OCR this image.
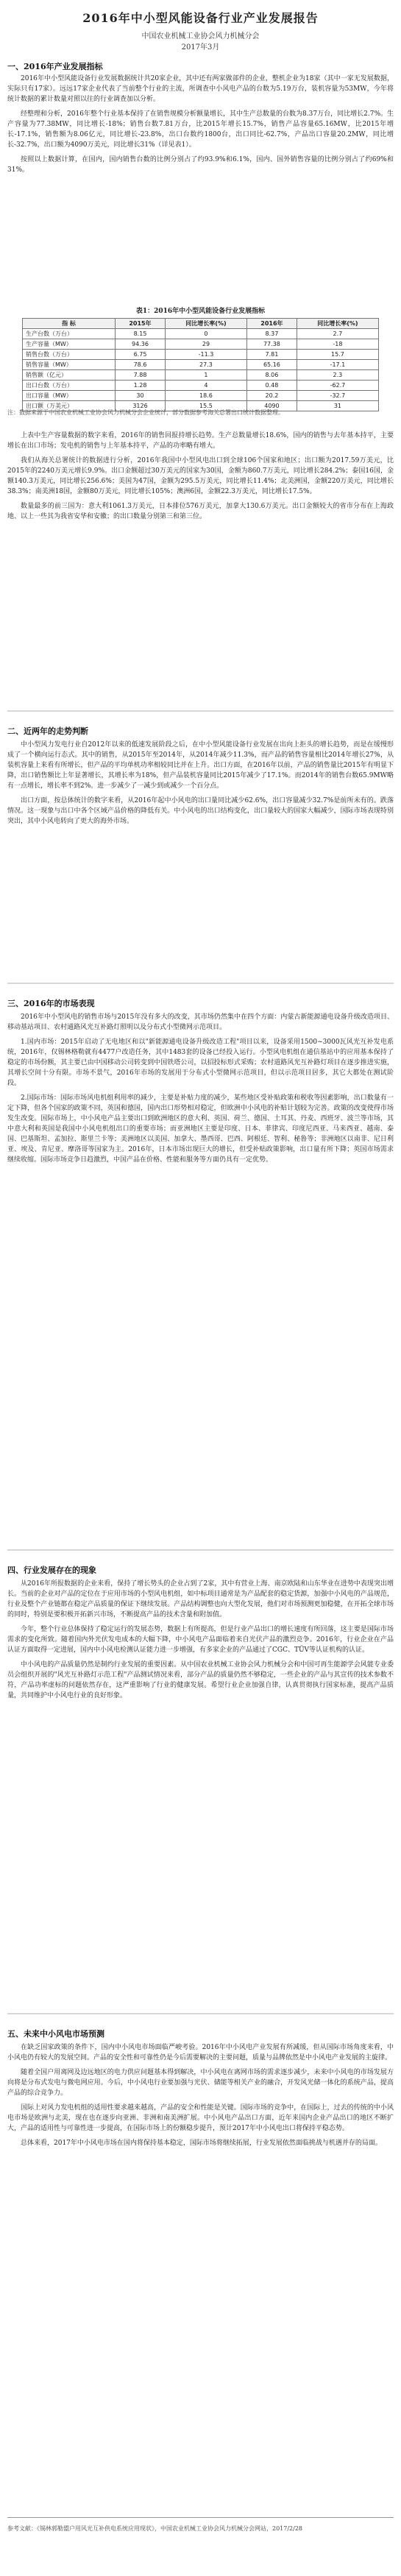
2016年中小型风能设备行业产业发展报告
中国农业机械工业协会风力机械分会
2017年3月
一、2016年产业发展指标

2016年中小型风能设备行业发展数据统计共20家企业，其中还有两家做部件的企业，整机企业为18家（其中一家无发展数据，实际只有17家）。远远17家企业代表了当前整个行业的主流，所调查中小风电产品的台数为5.19万台，装机容量为53MW，今年将统计数据的累计数量对照以往的行业调查加以分析。

经整理和分析，2016年整个行业基本保持了在销售规模分析额量增长，其中生产总数量的台数为8.37万台，同比增长2.7%。生产容量为77.38MW，同比增长-18%；销售台数7.81万台，比2015年增长15.7%，销售产品容量65.16MW，比2015年增长-17.1%，销售额为8.06亿元，同比增长-23.8%，出口台数约1800台，出口同比-62.7%，产品出口容量20.2MW，同比增长-32.7%，出口额为4090万美元，同比增长31%（详见表1）。

按照以上数据计算，在国内，国内销售台数的比例分别占了约93.9%和6.1%，国内、国外销售容量的比例分别占了约69%和31%。

表1：2016年中小型风能设备行业发展指标
指 标	2015年	同比增长率(%)	2016年	同比增长率(%)
生产台数（万台）	8.15	0	8.37	2.7
生产容量（MW）	94.36	29	77.38	-18
销售台数（万台）	6.75	-11.3	7.81	15.7
销售容量（MW）	78.6	27.3	65.16	-17.1
销售额（亿元）	7.88	1	8.06	2.3
出口台数（万台）	1.28	4	0.48	-62.7
出口容量（MW）	30	18.6	20.2	-32.7
出口额（万美元）	3126	15.5	4090	31
注：数据来源于中国农业机械工业协会风力机械分会企业统计，部分数据参考海关总署出口统计数据整理。

上表中生产容量数据的数字来看，2016年的销售回报持增长趋势。生产总数量增长18.6%，国内的销售与去年基本持平，主要增长在出口市场；发电机的销售与上年基本持平，产品的功率略有增大。

我们从海关总署统计的数据进行分析，2016年我国中小型风电出口到全球106个国家和地区；出口额为2017.59万美元，比2015年的2240万美元增长9.9%。出口金额超过30万美元的国家为30国，金额为860.7万美元，同比增长284.2%；泰国16国，金额140.3万美元，同比增长256.6%；美国为47国，金额为295.5万美元，同比增长11.4%；北美洲国，金额220万美元，同比增长38.3%；南美洲18国，金额80万美元，同比增长105%；澳洲6国，金额22.3万美元，同比增长17.5%。

数量最多的前三国为：意大利1061.3万美元，日本排位576万美元，加拿大130.6万美元。出口金额较大的省市分布在上海政地、以上一些其为我省安华和安徽；的出口数量分别第三和第三位。

二、近两年的走势判断

中小型风力发电行业自2012年以来的低速发展阶段之后，在中小型风能设备行业发展在出向上拒头的增长趋势，而是在缓慢形成了一个横向运行态式。其中的销售，从2015年至2014年，从2014年减少11.3%，而产品的销售容量相比2014年增长27%，从装机容量上来看有所增长，但产品的平均单机功率相较同比并在上升。出口方面，在2016年以前，产品的销售量比2015年有明显下降，出口销售额比上年显著增长，其增长率为18%，但产品装机容量同比2015年减少了17.1%。而2014年的销售台数65.9MW略有一点增长，增长率不到2%。进一步减少了一减少到或减少一个百分点。

出口方面，按总体统计的数字来看，从2016年起中小风电的出口量同比减少62.6%，出口容量减少32.7%是前所未有的。跌落情况。这一现象与出口中各个区域产品价格的降低有关。中小风电的出口结构变化，出口量较大的国家大幅减少，国际市场表现特别突出，其中小风电转向了更大的海外市场。

三、2016年的市场表现

2016年中小型风电的销售市场与2015年没有多大的改变，其市场仍然集中在四个方面：内蒙古新能源通电设备升级改造项目、移动基站项目、农村通路风光互补路灯照明以及分布式小型微网示范项目。

1.国内市场：2015年启动了无电地区和以"新能源通电设备升级改造工程"项目以来，设备采用1500~3000瓦风光互补发电系统，2016年，仅锡林格勒就有4477户改造任务，其中1483套的设备已经投入运行。小型风电机组在通信基站中的应用基本保持了稳定的市场份额，其主要已由中国移动公司转变到中国铁塔公司，以招投标形式采购；农村道路风光互补路灯项目在逐步推进实施，其增长空间十分有限。市场不景气，2016年市场的发展用于分布式小型微网示范项目，但以示范项目居多，其它大都处在测试阶段。

2.国际市场：国际市场风电机组利用率的减少，主要是补贴力度的减少，某些地区受补贴政策和税收等因素影响，出口数量有一定下降，但各个国家的政策不同，英国和德国，国内出口形势相对稳定，但欧洲中小风电的补贴计划较为完善。政策的改变使得市场发生改变。国际市场上，中小风电产品主要出口到欧洲地区的意大利、英国、荷兰、德国、土耳其、丹麦、西班牙、波兰等市场，其中意大利和英国是我国中小风电机组出口的重要市场；而亚洲地区主要是印度、日本、菲律宾、印度尼西亚、马来西亚、越南、泰国、巴基斯坦、孟加拉、斯里兰卡等；美洲地区以美国、加拿大、墨西哥、巴西、阿根廷、智利、秘鲁等；非洲地区以南非、尼日利亚、埃及、肯尼亚、摩洛哥等国家为主。2016年，日本市场出现巨大的增长，但受补贴政策影响，出口量有所下降；英国市场需求继续收缩。国际市场竞争日趋激烈，中国产品在价格、性能和服务等方面仍具有一定优势。

四、行业发展存在的现象

从2016年所报数据的企业来看，保持了增长势头的企业占到了2家，其中有营业上海、南京欧陆和山东华业在进势中表现突出增长。当前的企业对产品的定位在于应用市场的小型风电机组，如中标项目通常是为产品配套的稳定货源，加强中小风电的产品规范，行业及整个产业链都在稳定产品质量的保证下继续发展。产品结构调整也向大型化发展，他们对市场预测更加稳健，在开拓全球市场的同时，特别是要积极开拓新兴市场，不断提高产品的技术含量和附加值。

今年，整个行业总体保持了稳定运行的发展态势，数据上有所提高，但是行业产品出口的增长速度有所回落，这主要是国际市场需求的变化所致。随着国内外光伏发电成本的大幅下降，中小风电产品面临着来自光伏产品的激烈竞争。2016年，行业企业在产品认证方面取得一定进展，国内中小风电检测认证能力进一步增强，有多家企业的产品通过了CGC、TÜV等认证机构的认证。

中小风电的产品质量仍然是制约行业发展的重要因素。从中国农业机械工业协会风力机械分会和中国可再生能源学会风能专业委员会组织开展的"风光互补路灯示范工程"产品测试情况来看，部分产品的质量仍然不够稳定，一些企业的产品与其宣传的技术参数不符，产品功率虚标的问题依然存在，这严重影响了行业的健康发展。希望行业企业加强自律，认真贯彻执行国家标准，提高产品质量，共同维护中小风电行业的良好形象。

五、未来中小风电市场预测

在缺乏国家政策的条件下，国内中小风电市场面临严峻考验。2016年中小风电产业发展有所减缓，但从国际市场角度来看，中小风电仍有较大的发展空间。产品的安全性和可靠性仍是今后需要解决的主要问题，质量与品牌依然是中小风电产业发展的主旋律。

随着全国户用离网及边远地区的电力供应问题基本得到解决，中小风电在离网市场的需求逐步减少，未来中小风电的市场发展方向将是分布式发电与微电网应用。今后，中小风电行业要加强与光伏、储能等相关产业的融合，开发风光储一体化的系统产品，提高产品的综合竞争力。

国际上对风力发电机组的适用性要求越来越高，产品的安全和性能是关键。国际市场的竞争中，在国际上，过去的传统的中小风电市场是欧洲与北美，现在也在逐步向亚洲、非洲和南美洲扩展。中小风电产品出口方面，近年来国内企业产品出口的地区不断扩大，产品的适用性与可靠性进一步提高，在国际市场上的份额稳步提升，预计2017年中小风电出口将保持平稳态势。

总体来看，2017年中小风电市场在国内将保持基本稳定，国际市场将继续拓展，行业发展依然面临挑战与机遇并存的局面。

参考文献：《锡林郭勒盟户用风光互补供电系统应用现状》，中国农业机械工业协会风力机械分会网站，2017/2/28
